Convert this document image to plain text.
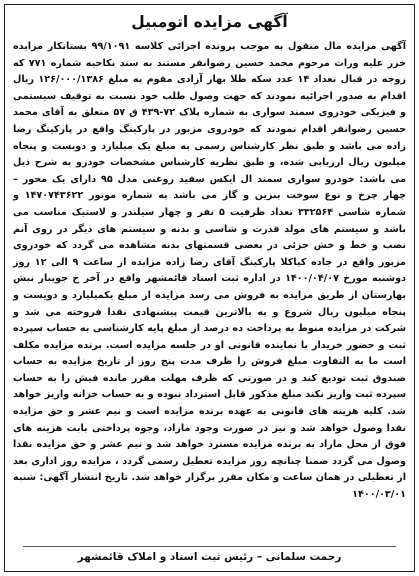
آگهی مزایده اتومبیل
آگهی مزایده مال منقول به موجب پرونده اجرائی کلاسه ۹۹/۱۰۹۱ بستانکار مزایده خزر علیه وراث مرحوم محمد حسین رضوانفر مستند به سند نکاحیه شماره ۷۷۱ که زوجه در قبال تعداد ۱۴ عدد سکه طلا بهار آزادی مقوم به مبلغ ۱۲۶/۰۰۰/۱۳۸۶ ریال اقدام به صدور اجرائیه نمودند که جهت وصول طلب خود نسبت به توقیف سیستمی و فیزیکی خودروی سمند سواری به شماره پلاک ۷۲-۴۳۹ ق ۵۷ متعلق به آقای محمد حسین رضوانفر اقدام نمودند که خودروی مزبور در پارکینگ واقع در پارکینگ رضا زاده می باشد و طبق نظر کارشناس رسمی به مبلغ یک میلیارد و دویست و پنجاه میلیون ریال ارزیابی شده، و طبق نظریه کارشناس مشخصات خودرو به شرح ذیل می باشد: خودرو سواری سمند ال ایکس سفید روغنی مدل ۹۵ دارای یک محور – چهار چرخ و نوع سوخت بنزین و گاز می باشد به شماره موتور ۱۴۷۰۷۴۳۶۲۲ و شماره شاسی ۳۳۲۵۶۴ تعداد ظرفیت ۵ نفر و چهار سیلندر و لاستیک مناسب می باشد و سیستم های مولد قدرت و شاسی و بدنه و سیستم های دیگر در روی آنم نصب و خط و خش جزئی در بعضی قسمتهای بدنه مشاهده می گردد که خودروی مزبور واقع در جاده کیاکلا پارکینگ آقای رضا زاده مزایده از ساعت ۹ الی ۱۲ روز دوشنبه مورخ ۱۴۰۰/۰۴/۰۷ در اداره ثبت اسناد قائمشهر واقع در آخر خ جویبار نبش بهارستان از طریق مزایده به فروش می رسد مزایده از مبلغ یکمیلیارد و دویست و پنجاه میلیون ریال شروع و به بالاترین قیمت پیشنهادی نقدا فروخته می شد و شرکت در مزایده منوط به پرداخت ده درصد از مبلغ پایه کارشناسی به حساب سپرده ثبت و حضور خریدار یا نماینده قانونی او در جلسه مزایده است. برنده مزایده مکلف است ما به التفاوت مبلغ فروش را ظرف مدت پنج روز از تاریخ مزایده به حساب صندوق ثبت تودیع کند و در صورتی که ظرف مهلت مقرر مانده فیش را به حساب سپرده ثبت واریز نکند مبلغ مذکور قابل استرداد نبوده و به حساب خزانه واریز خواهد شد. کلیه هزینه های قانونی به عهده برنده مزایده است و نیم عشر و حق مزایده نقدا وصول خواهد شد و نیز در صورت وجود مازاد، وجوه پرداختی بابت هزینه های فوق از محل مازاد به برنده مزایده مسترد خواهد شد و نیم عشر و حق مزایده نقدا وصول می گردد ضمنا چنانچه روز مزایده تعطیل رسمی گردد ، مزایده روز اداری بعد از تعطیلی در همان ساعت و مکان مقرر برگزار خواهد شد. تاریخ انتشار آگهی: شنبه ۱۴۰۰/۰۳/۰۱
رحمت سلمانی – رئیس ثبت اسناد و املاک قائمشهر
